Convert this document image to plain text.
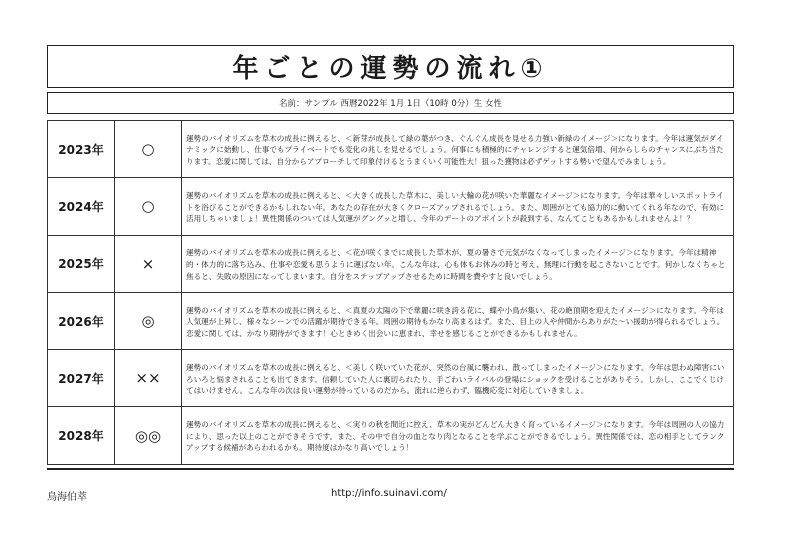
年ごとの運勢の流れ①
名前：サンプル 西暦2022年 1月 1日（10時 0分）生 女性
2023年	○	運勢のバイオリズムを草木の成長に例えると、＜新芽が成長して緑の葉がつき、ぐんぐん成長を見せる力強い新緑のイメージ＞になります。今年は運気がダイナミックに始動し、仕事でもプライベートでも変化の兆しを見せるでしょう。何事にも積極的にチャレンジすると運気倍増、何からしらのチャンスにぶち当たります。恋愛に関しては、自分からアプローチして印象付けるとうまくいく可能性大！狙った獲物は必ずゲットする勢いで望んでみましょう。

2024年	○	運勢のバイオリズムを草木の成長に例えると、＜大きく成長した草木に、美しい大輪の花が咲いた華麗なイメージ＞になります。今年は華々しいスポットライトを浴びることができるかもしれない年。あなたの存在が大きくクローズアップされるでしょう。また、周囲がとても協力的に動いてくれる年なので、有効に活用しちゃいましょ！異性関係のついては人気運がグングッと増し、今年のデートのアポイントが殺到する、なんてこともあるかもしれませんよ！？

2025年	×	運勢のバイオリズムを草木の成長に例えると、＜花が咲くまでに成長した草木が、夏の暑さで元気がなくなってしまったイメージ＞になります。今年は精神的・体力的に落ち込み、仕事や恋愛も思うように運ばない年。こんな年は、心も体もお休みの時と考え、無理に行動を起こさないことです。何かしなくちゃと焦ると、失敗の原因になってしまいます。自分をステップアップさせるために時間を費やすと良いでしょう。

2026年	◎	運勢のバイオリズムを草木の成長に例えると、＜真夏の太陽の下で華麗に咲き誇る花に、蝶や小鳥が集い、花の絶頂期を迎えたイメージ＞になります。今年は人気運が上昇し、様々なシーンでの活躍が期待できる年。周囲の期待もかなり高まるはず。また、目上の人や仲間からありがた～い援助が得られるでしょう。恋愛に関しては、かなり期待ができます！心ときめく出会いに恵まれ、幸せを感じることができるかもしれません。

2027年	××	運勢のバイオリズムを草木の成長に例えると、＜美しく咲いていた花が、突然の台風に襲われ、散ってしまったイメージ＞になります。今年は思わぬ障害にいろいろと悩まされることも出てきます。信頼していた人に裏切られたり、手ごわいライバルの登場にショックを受けることがありそう。しかし、ここでくじけてはいけません。こんな年の次は良い運勢が待っているのだから。流れに逆らわず、臨機応変に対応していきましょ。

2028年	◎◎	運勢のバイオリズムを草木の成長に例えると、＜実りの秋を間近に控え、草木の実がどんどん大きく育っているイメージ＞になります。今年は周囲の人の協力により、思った以上のことができそうです。また、その中で自分の血となり肉となることを学ぶことができるでしょう。異性関係では、恋の相手としてランクアップする候補があらわれるかも。期待度はかなり高いでしょう！
鳥海伯萃	http://info.suinavi.com/
